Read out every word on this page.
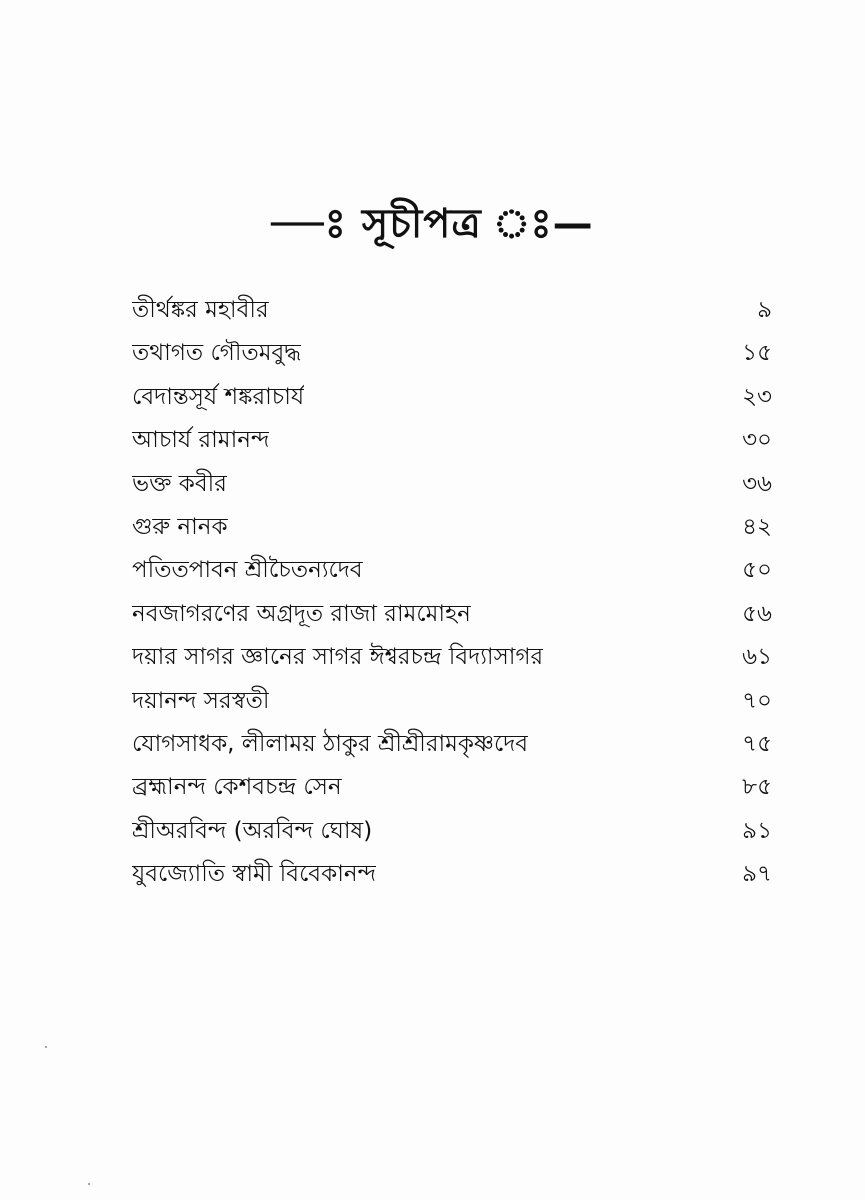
—ঃ সূচীপত্র ঃ—
তীর্থঙ্কর মহাবীর	৯
তথাগত গৌতমবুদ্ধ	১৫
বেদান্তসূর্য শঙ্করাচার্য	২৩
আচার্য রামানন্দ	৩০
ভক্ত কবীর	৩৬
গুরু নানক	৪২
পতিতপাবন শ্রীচৈতন্যদেব	৫০
নবজাগরণের অগ্রদূত রাজা রামমোহন	৫৬
দয়ার সাগর জ্ঞানের সাগর ঈশ্বরচন্দ্র বিদ্যাসাগর	৬১
দয়ানন্দ সরস্বতী	৭০
যোগসাধক, লীলাময় ঠাকুর শ্রীশ্রীরামকৃষ্ণদেব	৭৫
ব্রহ্মানন্দ কেশবচন্দ্র সেন	৮৫
শ্রীঅরবিন্দ (অরবিন্দ ঘোষ)	৯১
যুবজ্যোতি স্বামী বিবেকানন্দ	৯৭
